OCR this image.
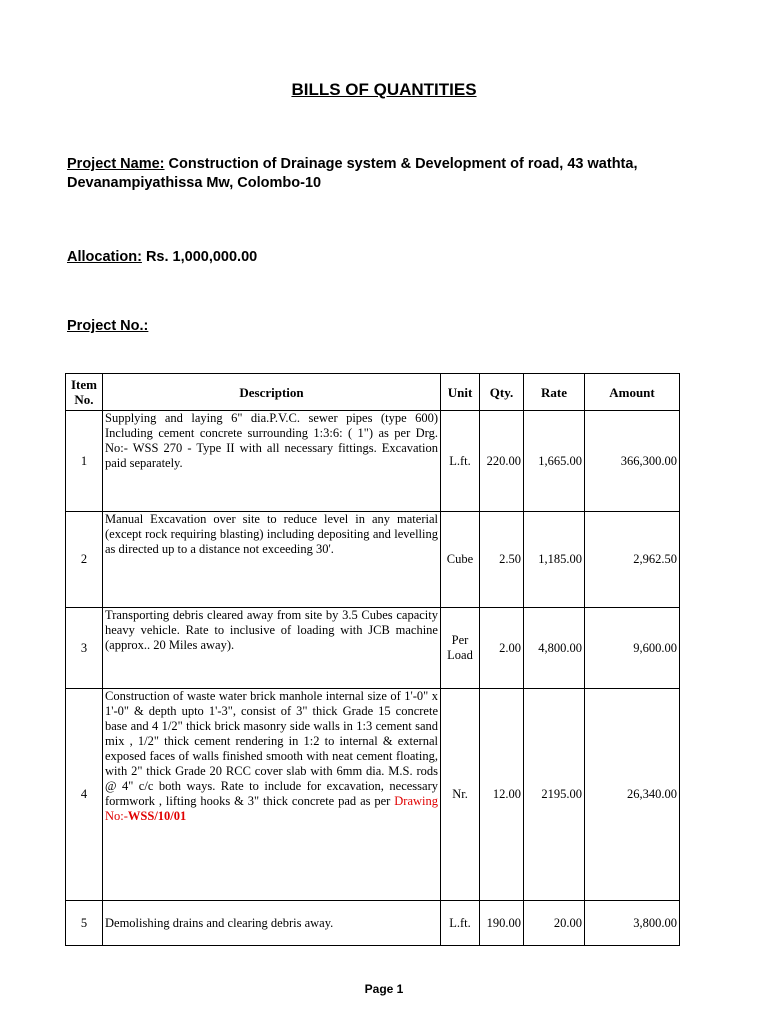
BILLS OF QUANTITIES
Project Name: Construction of Drainage system & Development of road, 43 wathta, Devanampiyathissa Mw, Colombo-10
Allocation: Rs. 1,000,000.00
Project No.:
Item No.	Description	Unit	Qty.	Rate	Amount
1	Supplying and laying 6" dia.P.V.C. sewer pipes (type 600) Including cement concrete surrounding 1:3:6: ( 1") as per Drg. No:- WSS 270 - Type II with all necessary fittings. Excavation paid separately.	L.ft.	220.00	1,665.00	366,300.00
2	Manual Excavation over site to reduce level in any material (except rock requiring blasting) including depositing and levelling as directed up to a distance not exceeding 30'.	Cube	2.50	1,185.00	2,962.50
3	Transporting debris cleared away from site by 3.5 Cubes capacity heavy vehicle. Rate to inclusive of loading with JCB machine (approx.. 20 Miles away).	Per Load	2.00	4,800.00	9,600.00
4	Construction of waste water brick manhole internal size of 1'-0" x 1'-0" & depth upto 1'-3", consist of 3" thick Grade 15 concrete base and 4 1/2" thick brick masonry side walls in 1:3 cement sand mix , 1/2" thick cement rendering in 1:2 to internal & external exposed faces of walls finished smooth with neat cement floating, with 2" thick Grade 20 RCC cover slab with 6mm dia. M.S. rods @ 4" c/c both ways. Rate to include for excavation, necessary formwork , lifting hooks & 3" thick concrete pad as per Drawing No:-WSS/10/01	Nr.	12.00	2195.00	26,340.00
5	Demolishing drains and clearing debris away.	L.ft.	190.00	20.00	3,800.00
Page 1
